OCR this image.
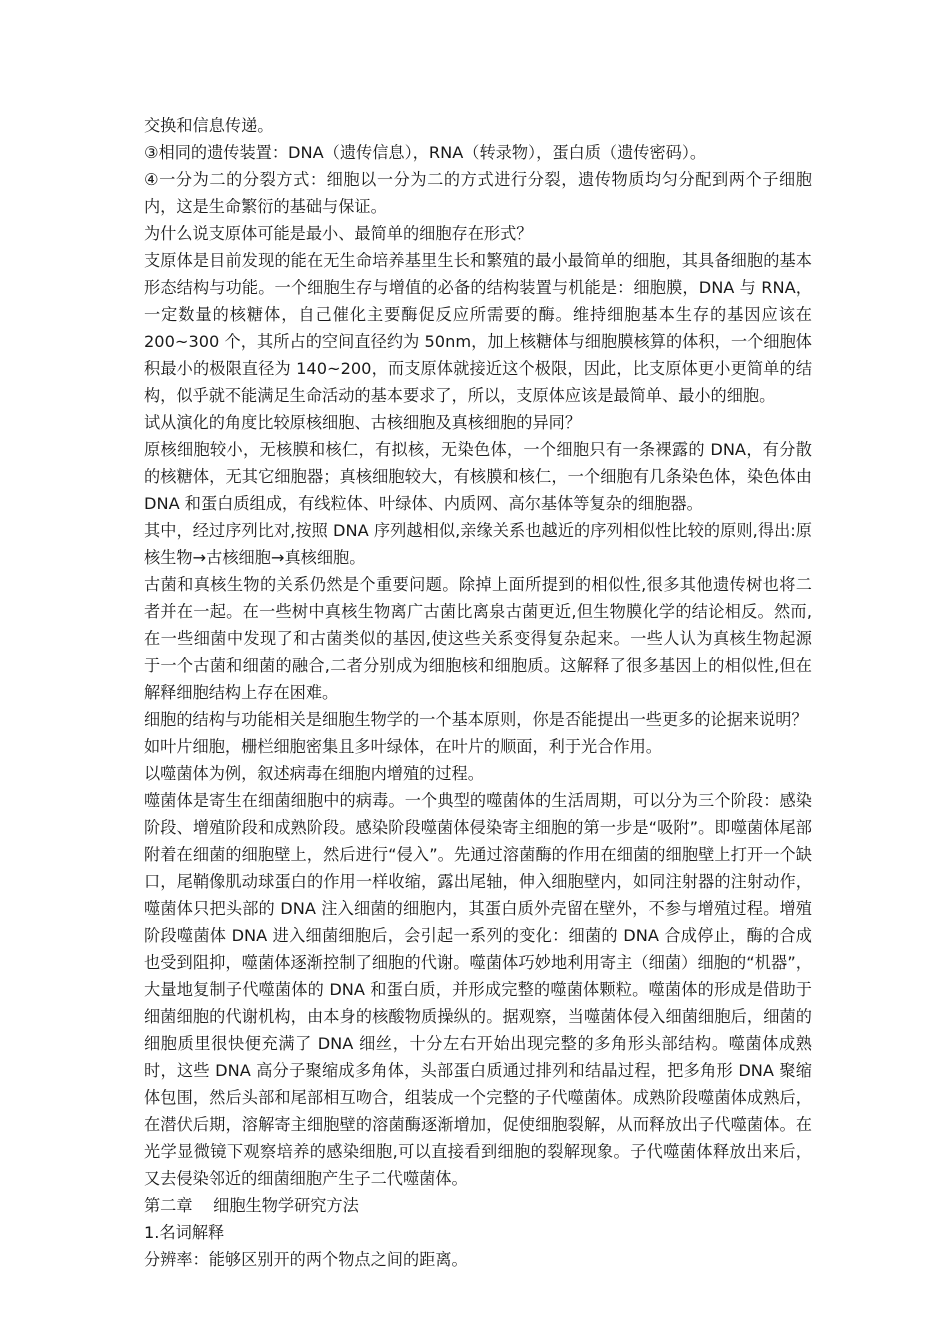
交换和信息传递。

③相同的遗传装置：DNA（遗传信息），RNA（转录物），蛋白质（遗传密码）。

④一分为二的分裂方式：细胞以一分为二的方式进行分裂，遗传物质均匀分配到两个子细胞内，这是生命繁衍的基础与保证。

为什么说支原体可能是最小、最简单的细胞存在形式？

支原体是目前发现的能在无生命培养基里生长和繁殖的最小最简单的细胞，其具备细胞的基本形态结构与功能。一个细胞生存与增值的必备的结构装置与机能是：细胞膜，DNA 与 RNA，一定数量的核糖体，自己催化主要酶促反应所需要的酶。维持细胞基本生存的基因应该在 200~300 个，其所占的空间直径约为 50nm，加上核糖体与细胞膜核算的体积，一个细胞体积最小的极限直径为 140~200，而支原体就接近这个极限，因此，比支原体更小更简单的结构，似乎就不能满足生命活动的基本要求了，所以，支原体应该是最简单、最小的细胞。

试从演化的角度比较原核细胞、古核细胞及真核细胞的异同？

原核细胞较小，无核膜和核仁，有拟核，无染色体，一个细胞只有一条裸露的 DNA，有分散的核糖体，无其它细胞器；真核细胞较大，有核膜和核仁，一个细胞有几条染色体，染色体由 DNA 和蛋白质组成，有线粒体、叶绿体、内质网、高尔基体等复杂的细胞器。

其中，经过序列比对,按照 DNA 序列越相似,亲缘关系也越近的序列相似性比较的原则,得出:原核生物→古核细胞→真核细胞。

古菌和真核生物的关系仍然是个重要问题。除掉上面所提到的相似性,很多其他遗传树也将二者并在一起。在一些树中真核生物离广古菌比离泉古菌更近,但生物膜化学的结论相反。然而,在一些细菌中发现了和古菌类似的基因,使这些关系变得复杂起来。一些人认为真核生物起源于一个古菌和细菌的融合,二者分别成为细胞核和细胞质。这解释了很多基因上的相似性,但在解释细胞结构上存在困难。

细胞的结构与功能相关是细胞生物学的一个基本原则，你是否能提出一些更多的论据来说明？

如叶片细胞，栅栏细胞密集且多叶绿体，在叶片的顺面，利于光合作用。

以噬菌体为例，叙述病毒在细胞内增殖的过程。

噬菌体是寄生在细菌细胞中的病毒。一个典型的噬菌体的生活周期，可以分为三个阶段：感染阶段、增殖阶段和成熟阶段。感染阶段噬菌体侵染寄主细胞的第一步是“吸附”。即噬菌体尾部附着在细菌的细胞壁上，然后进行“侵入”。先通过溶菌酶的作用在细菌的细胞壁上打开一个缺口，尾鞘像肌动球蛋白的作用一样收缩，露出尾轴，伸入细胞壁内，如同注射器的注射动作，噬菌体只把头部的 DNA 注入细菌的细胞内，其蛋白质外壳留在壁外，不参与增殖过程。增殖阶段噬菌体 DNA 进入细菌细胞后，会引起一系列的变化：细菌的 DNA 合成停止，酶的合成也受到阻抑，噬菌体逐渐控制了细胞的代谢。噬菌体巧妙地利用寄主（细菌）细胞的“机器”，大量地复制子代噬菌体的 DNA 和蛋白质，并形成完整的噬菌体颗粒。噬菌体的形成是借助于细菌细胞的代谢机构，由本身的核酸物质操纵的。据观察，当噬菌体侵入细菌细胞后，细菌的细胞质里很快便充满了 DNA 细丝，十分左右开始出现完整的多角形头部结构。噬菌体成熟时，这些 DNA 高分子聚缩成多角体，头部蛋白质通过排列和结晶过程，把多角形 DNA 聚缩体包围，然后头部和尾部相互吻合，组装成一个完整的子代噬菌体。成熟阶段噬菌体成熟后，在潜伏后期，溶解寄主细胞壁的溶菌酶逐渐增加，促使细胞裂解，从而释放出子代噬菌体。在光学显微镜下观察培养的感染细胞,可以直接看到细胞的裂解现象。子代噬菌体释放出来后，又去侵染邻近的细菌细胞产生子二代噬菌体。

第二章    细胞生物学研究方法

1.名词解释

分辨率：能够区别开的两个物点之间的距离。
